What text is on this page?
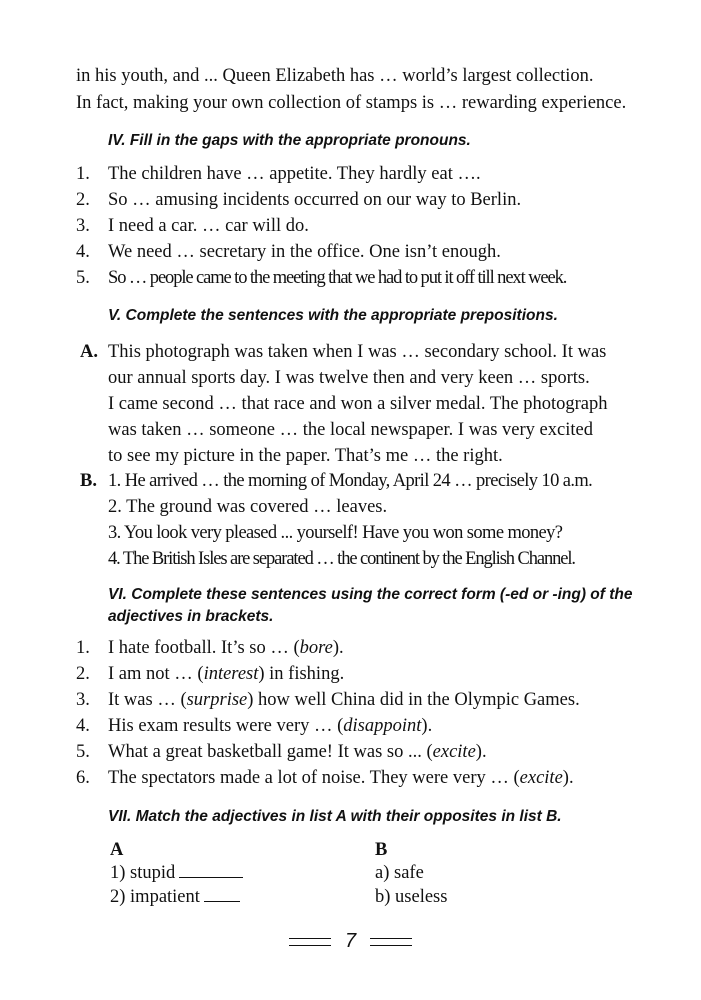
in his youth, and ... Queen Elizabeth has … world’s largest collection.
In fact, making your own collection of stamps is … rewarding experience.
IV. Fill in the gaps with the appropriate pronouns.
1. The children have … appetite. They hardly eat ….
2. So … amusing incidents occurred on our way to Berlin.
3. I need a car. … car will do.
4. We need … secretary in the office. One isn’t enough.
5. So … people came to the meeting that we had to put it off till next week.
V. Complete the sentences with the appropriate prepositions.
A. This photograph was taken when I was … secondary school. It was
our annual sports day. I was twelve then and very keen … sports.
I came second … that race and won a silver medal. The photograph
was taken … someone … the local newspaper. I was very excited
to see my picture in the paper. That’s me … the right.
B. 1. He arrived … the morning of Monday, April 24 … precisely 10 a.m.
2. The ground was covered … leaves.
3. You look very pleased ... yourself! Have you won some money?
4. The British Isles are separated … the continent by the English Channel.
VI. Complete these sentences using the correct form (-ed or -ing) of the adjectives in brackets.
1. I hate football. It’s so … (bore).
2. I am not … (interest) in fishing.
3. It was … (surprise) how well China did in the Olympic Games.
4. His exam results were very … (disappoint).
5. What a great basketball game! It was so ... (excite).
6. The spectators made a lot of noise. They were very … (excite).
VII. Match the adjectives in list A with their opposites in list B.
A	B
1) stupid
2) impatient
a) safe
b) useless
7
